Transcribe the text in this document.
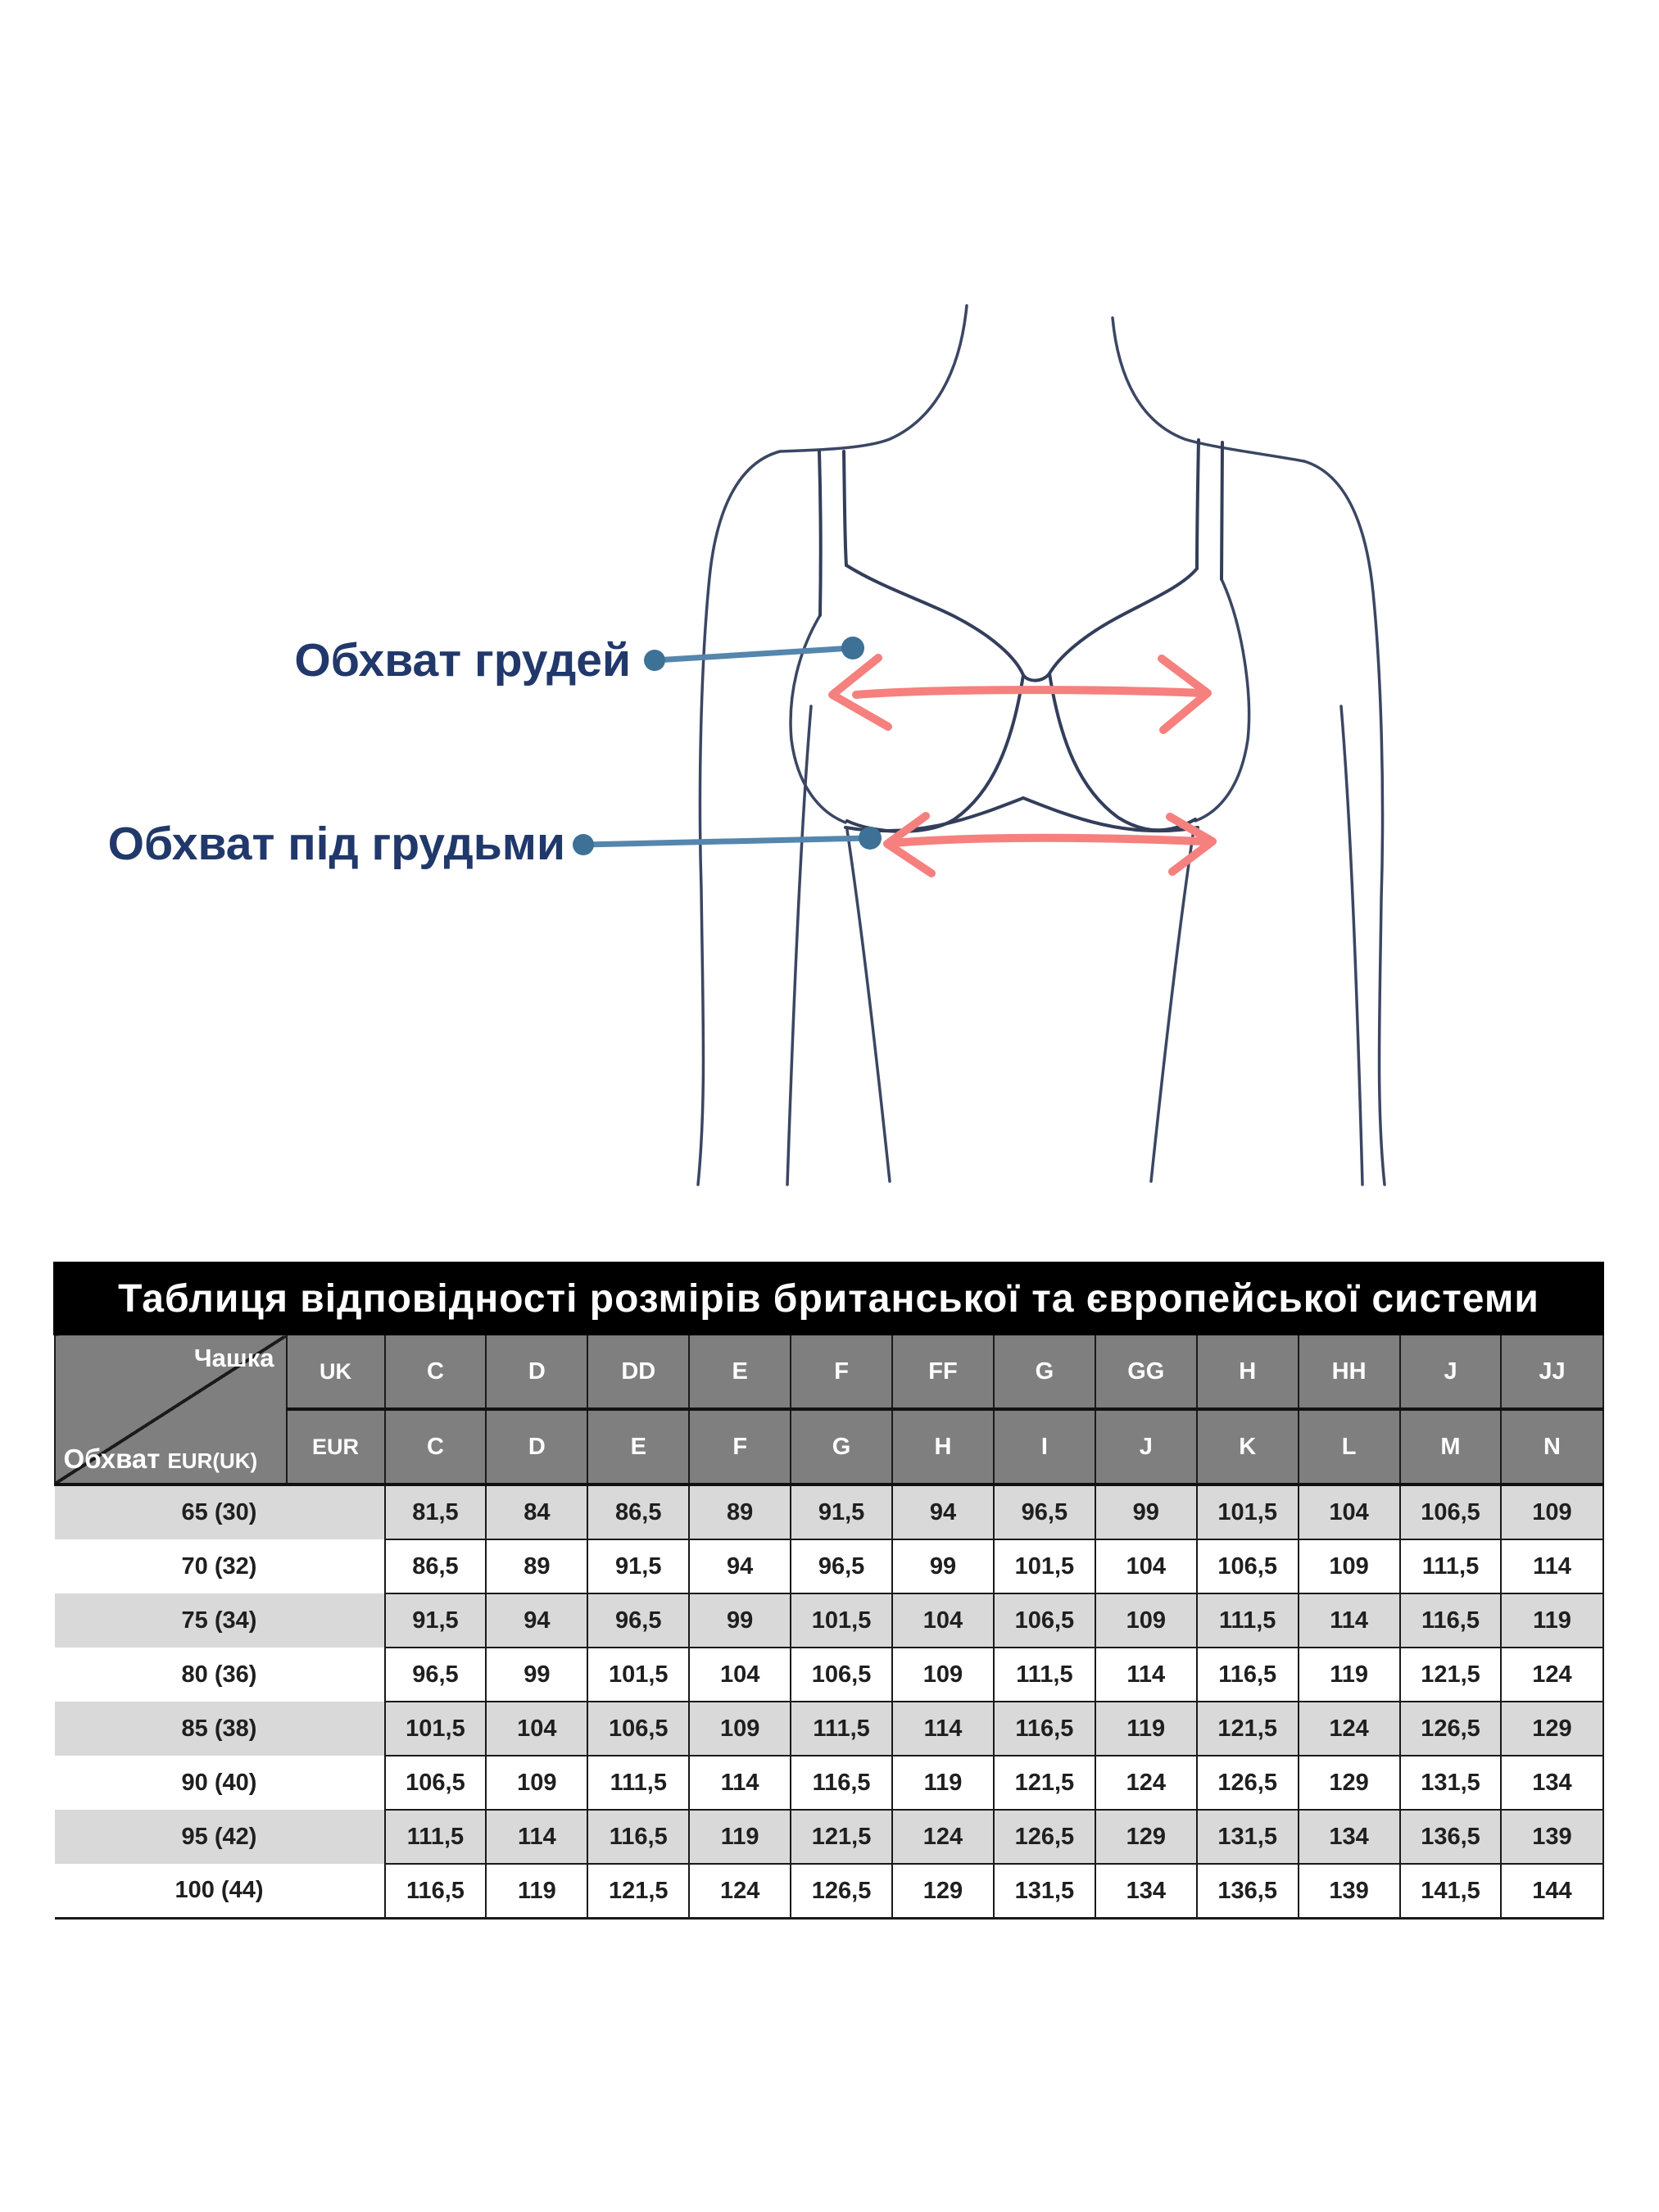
Обхват грудей
Обхват під грудьми
Таблиця відповідності розмірів британської та європейської системи													

Чашка
Обхват EUR(UK)	UK	C	D	DD	E	F	FF	G	GG	H	HH	J	JJ
	EUR	C	D	E	F	G	H	I	J	K	L	M	N
65 (30)		81,5	84	86,5	89	91,5	94	96,5	99	101,5	104	106,5	109
70 (32)		86,5	89	91,5	94	96,5	99	101,5	104	106,5	109	111,5	114
75 (34)		91,5	94	96,5	99	101,5	104	106,5	109	111,5	114	116,5	119
80 (36)		96,5	99	101,5	104	106,5	109	111,5	114	116,5	119	121,5	124
85 (38)		101,5	104	106,5	109	111,5	114	116,5	119	121,5	124	126,5	129
90 (40)		106,5	109	111,5	114	116,5	119	121,5	124	126,5	129	131,5	134
95 (42)		111,5	114	116,5	119	121,5	124	126,5	129	131,5	134	136,5	139
100 (44)		116,5	119	121,5	124	126,5	129	131,5	134	136,5	139	141,5	144
